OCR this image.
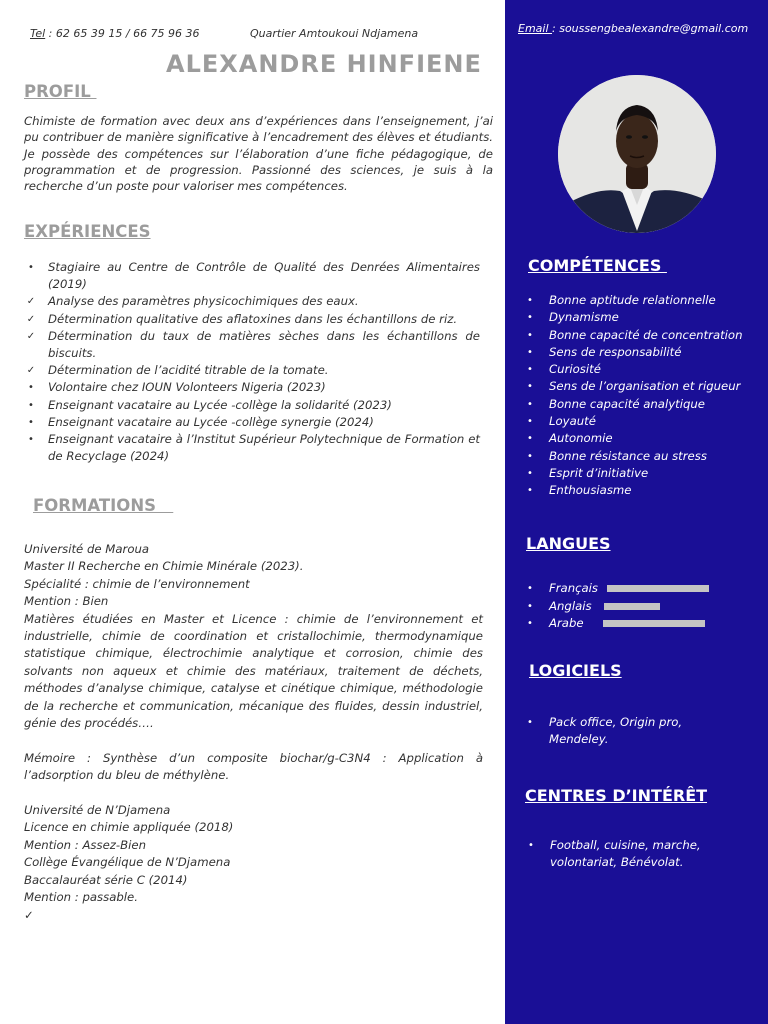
Tel : 62 65 39 15 / 66 75 96 36	Quartier Amtoukoui Ndjamena
ALEXANDRE HINFIENE
PROFIL
Chimiste de formation avec deux ans d’expériences dans l’enseignement, j’ai pu contribuer de manière significative à l’encadrement des élèves et étudiants. Je possède des compétences sur l’élaboration d’une fiche pédagogique, de programmation et de progression. Passionné des sciences, je suis à la recherche d’un poste pour valoriser mes compétences.
EXPÉRIENCES
•	Stagiaire au Centre de Contrôle de Qualité des Denrées Alimentaires (2019)
✓ Analyse des paramètres physicochimiques des eaux.
✓ Détermination qualitative des aflatoxines dans les échantillons de riz.
✓ Détermination du taux de matières sèches dans les échantillons de biscuits.
✓ Détermination de l’acidité titrable de la tomate.
•	Volontaire chez IOUN Volonteers Nigeria (2023)
•	Enseignant vacataire au Lycée -collège la solidarité (2023)
•	Enseignant vacataire au Lycée -collège synergie (2024)
•	Enseignant vacataire à l’Institut Supérieur Polytechnique de Formation et de Recyclage (2024)
FORMATIONS
Université de Maroua
Master II Recherche en Chimie Minérale (2023).
Spécialité : chimie de l’environnement
Mention : Bien
Matières étudiées en Master et Licence : chimie de l’environnement et industrielle, chimie de coordination et cristallochimie, thermodynamique statistique chimique, électrochimie analytique et corrosion, chimie des solvants non aqueux et chimie des matériaux, traitement de déchets, méthodes d’analyse chimique, catalyse et cinétique chimique, méthodologie de la recherche et communication, mécanique des fluides, dessin industriel, génie des procédés….
Mémoire : Synthèse d’un composite biochar/g-C3N4 : Application à l’adsorption du bleu de méthylène.
Université de N’Djamena
Licence en chimie appliquée (2018)
Mention : Assez-Bien
Collège Évangélique de N’Djamena
Baccalauréat série C (2014)
Mention : passable.
✓
Email : soussengbealexandre@gmail.com
COMPÉTENCES
• Bonne aptitude relationnelle
• Dynamisme
• Bonne capacité de concentration
• Sens de responsabilité
• Curiosité
• Sens de l’organisation et rigueur
• Bonne capacité analytique
• Loyauté
• Autonomie
• Bonne résistance au stress
• Esprit d’initiative
• Enthousiasme
LANGUES
• Français
• Anglais
• Arabe
LOGICIELS
• Pack office, Origin pro, Mendeley.
CENTRES D’INTÉRÊT
• Football, cuisine, marche, volontariat, Bénévolat.
